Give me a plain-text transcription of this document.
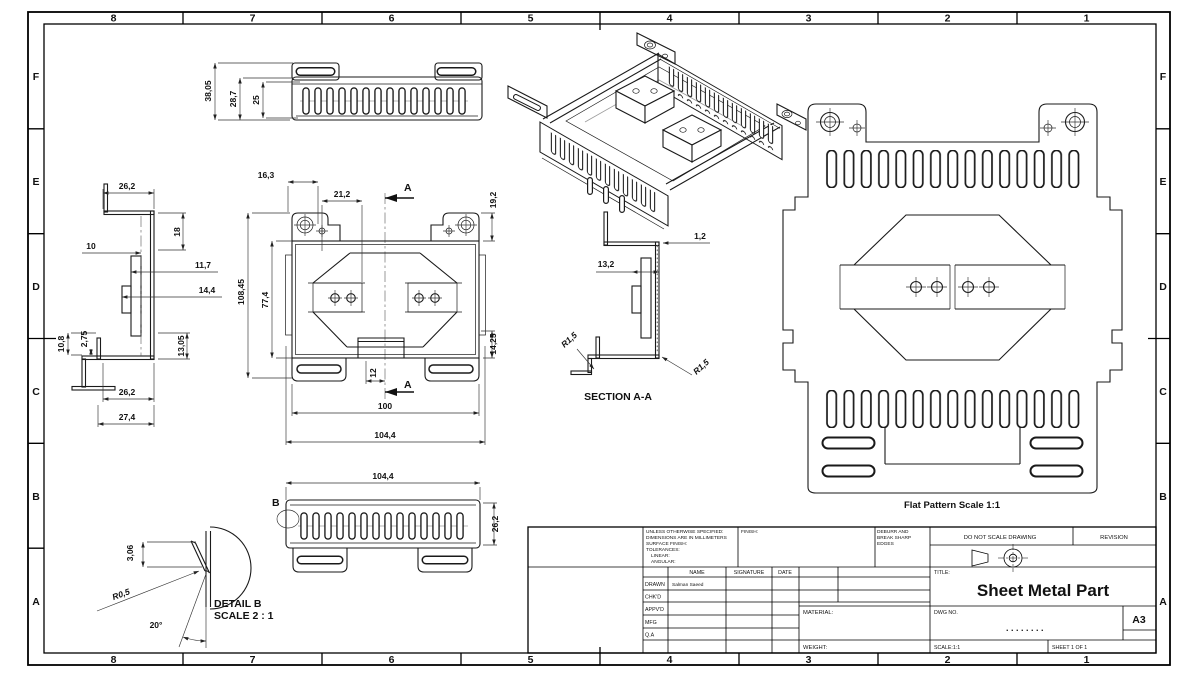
8	7	6	5	4	3	2	1
8	7	6	5	4	3	2	1
F
E
D
C
B
A
F
E
D
C
B
A
38,05 28,7 25
26,2
18
10
11,7
14,4
10,8 2,75	13,05
26,2
27,4
A
A
16,3
21,2	19,2
108,45 77,4
14,25
12
100
104,4
1,2
13,2
R1,5
R1,5
SECTION A-A
B
104,4
26,2
3,06
R0,5
20°
DETAIL B
SCALE 2 : 1
Flat Pattern Scale 1:1
UNLESS OTHERWISE SPECIFIED:
DIMENSIONS ARE IN MILLIMETERS
SURFACE FINISH:
TOLERANCES:
LINEAR:
ANGULAR:
FINISH:	DEBURR AND
BREAK SHARP
EDGES
DO NOT SCALE DRAWING	REVISION
NAME	SIGNATURE	DATE
DRAWN Salman Saeed
CHK'D
APPV'D
MFG
Q.A
MATERIAL:
WEIGHT:
TITLE:
Sheet Metal Part
DWG NO.
........
A3
SCALE:1:1	SHEET 1 OF 1
